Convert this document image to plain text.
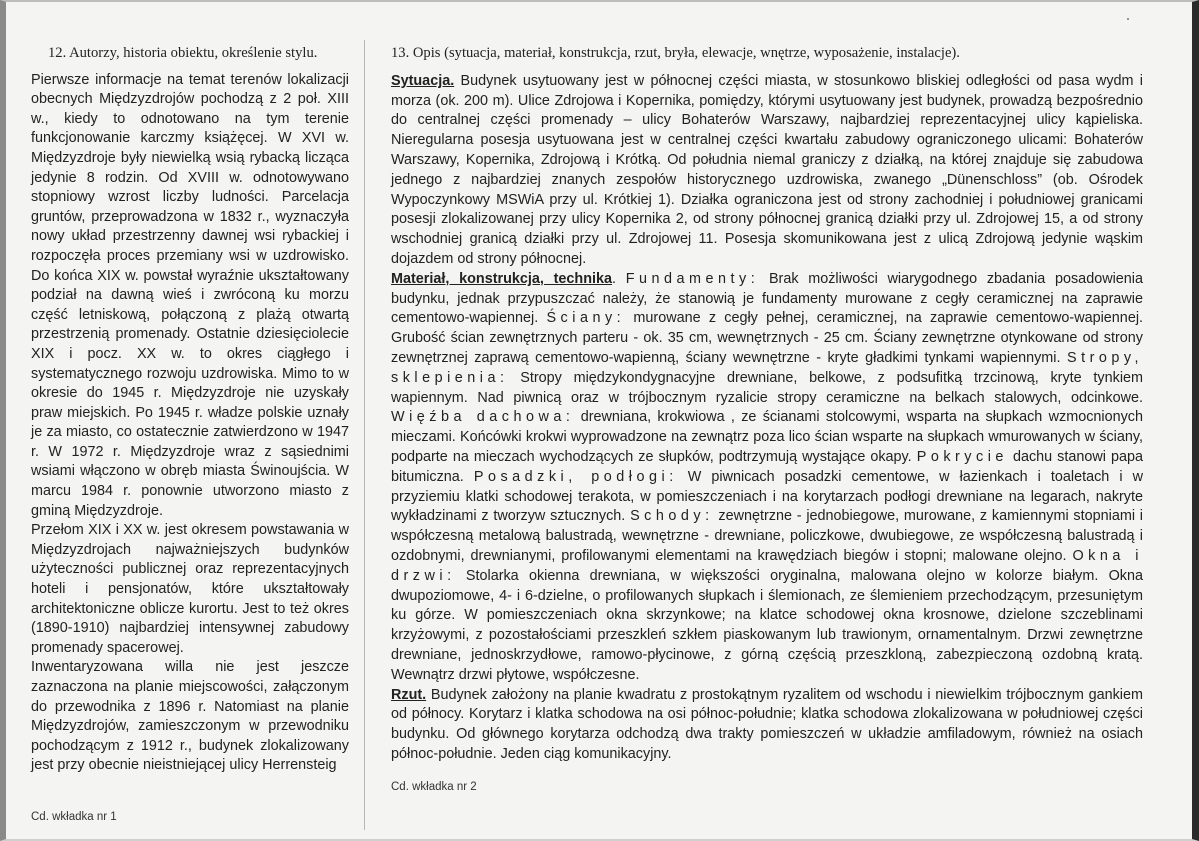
12. Autorzy, historia obiektu, określenie stylu.

Pierwsze informacje na temat terenów lokalizacji obecnych Międzyzdrojów pochodzą z 2 poł. XIII w., kiedy to odnotowano na tym terenie funkcjonowanie karczmy książęcej. W XVI w. Międzyzdroje były niewielką wsią rybacką licząca jedynie 8 rodzin. Od XVIII w. odnotowywano stopniowy wzrost liczby ludności. Parcelacja gruntów, przeprowadzona w 1832 r., wyznaczyła nowy układ przestrzenny dawnej wsi rybackiej i rozpoczęła proces przemiany wsi w uzdrowisko. Do końca XIX w. powstał wyraźnie ukształtowany podział na dawną wieś i zwróconą ku morzu część letniskową, połączoną z plażą otwartą przestrzenią promenady. Ostatnie dziesięciolecie XIX i pocz. XX w. to okres ciągłego i systematycznego rozwoju uzdrowiska. Mimo to w okresie do 1945 r. Międzyzdroje nie uzyskały praw miejskich. Po 1945 r. władze polskie uznały je za miasto, co ostatecznie zatwierdzono w 1947 r. W 1972 r. Międzyzdroje wraz z sąsiednimi wsiami włączono w obręb miasta Świnoujścia. W marcu 1984 r. ponownie utworzono miasto z gminą Międzyzdroje.

Przełom XIX i XX w. jest okresem powstawania w Międzyzdrojach najważniejszych budynków użyteczności publicznej oraz reprezentacyjnych hoteli i pensjonatów, które ukształtowały architektoniczne oblicze kurortu. Jest to też okres (1890-1910) najbardziej intensywnej zabudowy promenady spacerowej.

Inwentaryzowana willa nie jest jeszcze zaznaczona na planie miejscowości, załączonym do przewodnika z 1896 r. Natomiast na planie Międzyzdrojów, zamieszczonym w przewodniku pochodzącym z 1912 r., budynek zlokalizowany jest przy obecnie nieistniejącej ulicy Herrensteig

Cd. wkładka nr 1
13. Opis (sytuacja, materiał, konstrukcja, rzut, bryła, elewacje, wnętrze, wyposażenie, instalacje).

Sytuacja. Budynek usytuowany jest w północnej części miasta, w stosunkowo bliskiej odległości od pasa wydm i morza (ok. 200 m). Ulice Zdrojowa i Kopernika, pomiędzy, którymi usytuowany jest budynek, prowadzą bezpośrednio do centralnej części promenady – ulicy Bohaterów Warszawy, najbardziej reprezentacyjnej ulicy kąpieliska. Nieregularna posesja usytuowana jest w centralnej części kwartału zabudowy ograniczonego ulicami: Bohaterów Warszawy, Kopernika, Zdrojową i Krótką. Od południa niemal graniczy z działką, na której znajduje się zabudowa jednego z najbardziej znanych zespołów historycznego uzdrowiska, zwanego „Dünenschloss” (ob. Ośrodek Wypoczynkowy MSWiA przy ul. Krótkiej 1). Działka ograniczona jest od strony zachodniej i południowej granicami posesji zlokalizowanej przy ulicy Kopernika 2, od strony północnej granicą działki przy ul. Zdrojowej 15, a od strony wschodniej granicą działki przy ul. Zdrojowej 11. Posesja skomunikowana jest z ulicą Zdrojową jedynie wąskim dojazdem od strony północnej.

Materiał, konstrukcja, technika. Fundamenty: Brak możliwości wiarygodnego zbadania posadowienia budynku, jednak przypuszczać należy, że stanowią je fundamenty murowane z cegły ceramicznej na zaprawie cementowo-wapiennej. Ściany: murowane z cegły pełnej, ceramicznej, na zaprawie cementowo-wapiennej. Grubość ścian zewnętrznych parteru - ok. 35 cm, wewnętrznych - 25 cm. Ściany zewnętrzne otynkowane od strony zewnętrznej zaprawą cementowo-wapienną, ściany wewnętrzne - kryte gładkimi tynkami wapiennymi. Stropy, sklepienia: Stropy międzykondygnacyjne drewniane, belkowe, z podsufitką trzcinową, kryte tynkiem wapiennym. Nad piwnicą oraz w trójbocznym ryzalicie stropy ceramiczne na belkach stalowych, odcinkowe. Więźba dachowa: drewniana, krokwiowa , ze ścianami stolcowymi, wsparta na słupkach wzmocnionych mieczami. Końcówki krokwi wyprowadzone na zewnątrz poza lico ścian wsparte na słupkach wmurowanych w ściany, podparte na mieczach wychodzących ze słupków, podtrzymują wystające okapy. Pokrycie dachu stanowi papa bitumiczna. Posadzki, podłogi: W piwnicach posadzki cementowe, w łazienkach i toaletach i w przyziemiu klatki schodowej terakota, w pomieszczeniach i na korytarzach podłogi drewniane na legarach, nakryte wykładzinami z tworzyw sztucznych. Schody: zewnętrzne - jednobiegowe, murowane, z kamiennymi stopniami i współczesną metalową balustradą, wewnętrzne - drewniane, policzkowe, dwubiegowe, ze współczesną balustradą i ozdobnymi, drewnianymi, profilowanymi elementami na krawędziach biegów i stopni; malowane olejno. Okna i drzwi: Stolarka okienna drewniana, w większości oryginalna, malowana olejno w kolorze białym. Okna dwupoziomowe, 4- i 6-dzielne, o profilowanych słupkach i ślemionach, ze ślemieniem przechodzącym, przesuniętym ku górze. W pomieszczeniach okna skrzynkowe; na klatce schodowej okna krosnowe, dzielone szczeblinami krzyżowymi, z pozostałościami przeszkleń szkłem piaskowanym lub trawionym, ornamentalnym. Drzwi zewnętrzne drewniane, jednoskrzydłowe, ramowo-płycinowe, z górną częścią przeszkloną, zabezpieczoną ozdobną kratą. Wewnątrz drzwi płytowe, współczesne.

Rzut. Budynek założony na planie kwadratu z prostokątnym ryzalitem od wschodu i niewielkim trójbocznym gankiem od północy. Korytarz i klatka schodowa na osi północ-południe; klatka schodowa zlokalizowana w południowej części budynku. Od głównego korytarza odchodzą dwa trakty pomieszczeń w układzie amfiladowym, również na osiach północ-południe. Jeden ciąg komunikacyjny.

Cd. wkładka nr 2
